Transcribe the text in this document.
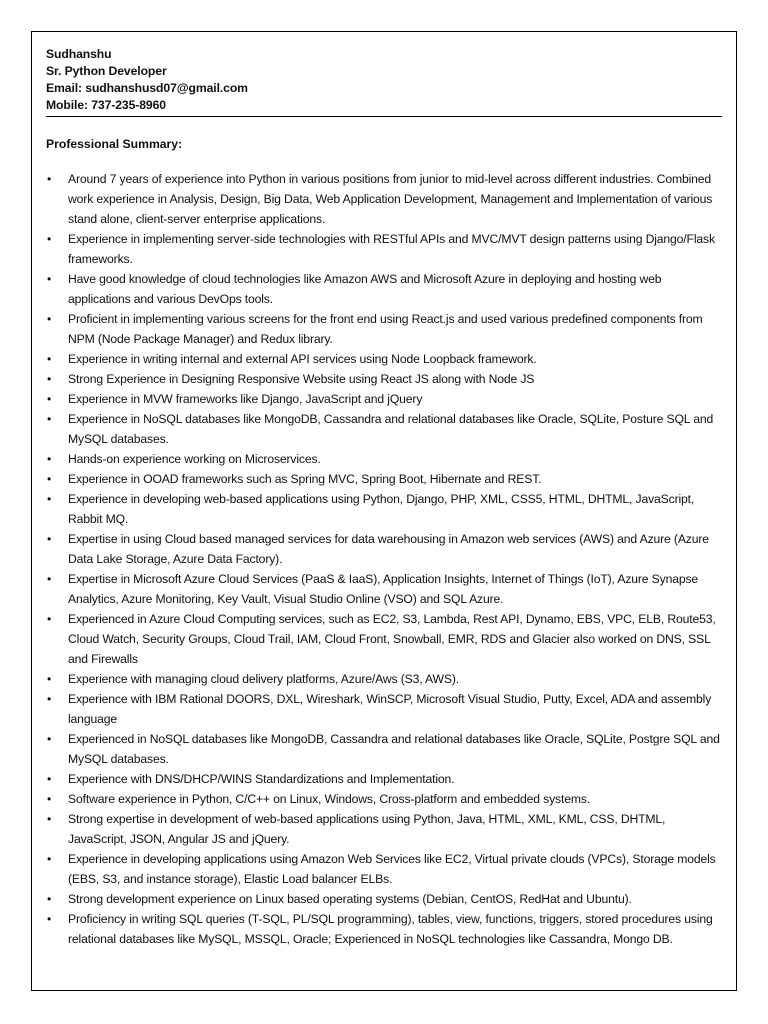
Sudhanshu
Sr. Python Developer
Email: sudhanshusd07@gmail.com
Mobile: 737-235-8960
Professional Summary:
• Around 7 years of experience into Python in various positions from junior to mid-level across different industries. Combined work experience in Analysis, Design, Big Data, Web Application Development, Management and Implementation of various stand alone, client-server enterprise applications.
• Experience in implementing server-side technologies with RESTful APIs and MVC/MVT design patterns using Django/Flask frameworks.
• Have good knowledge of cloud technologies like Amazon AWS and Microsoft Azure in deploying and hosting web applications and various DevOps tools.
• Proficient in implementing various screens for the front end using React.js and used various predefined components from NPM (Node Package Manager) and Redux library.
• Experience in writing internal and external API services using Node Loopback framework.
• Strong Experience in Designing Responsive Website using React JS along with Node JS
• Experience in MVW frameworks like Django, JavaScript and jQuery
• Experience in NoSQL databases like MongoDB, Cassandra and relational databases like Oracle, SQLite, Posture SQL and MySQL databases.
• Hands-on experience working on Microservices.
• Experience in OOAD frameworks such as Spring MVC, Spring Boot, Hibernate and REST.
• Experience in developing web-based applications using Python, Django, PHP, XML, CSS5, HTML, DHTML, JavaScript, Rabbit MQ.
• Expertise in using Cloud based managed services for data warehousing in Amazon web services (AWS) and Azure (Azure Data Lake Storage, Azure Data Factory).
• Expertise in Microsoft Azure Cloud Services (PaaS & IaaS), Application Insights, Internet of Things (IoT), Azure Synapse Analytics, Azure Monitoring, Key Vault, Visual Studio Online (VSO) and SQL Azure.
• Experienced in Azure Cloud Computing services, such as EC2, S3, Lambda, Rest API, Dynamo, EBS, VPC, ELB, Route53, Cloud Watch, Security Groups, Cloud Trail, IAM, Cloud Front, Snowball, EMR, RDS and Glacier also worked on DNS, SSL and Firewalls
• Experience with managing cloud delivery platforms, Azure/Aws (S3, AWS).
• Experience with IBM Rational DOORS, DXL, Wireshark, WinSCP, Microsoft Visual Studio, Putty, Excel, ADA and assembly language
• Experienced in NoSQL databases like MongoDB, Cassandra and relational databases like Oracle, SQLite, Postgre SQL and MySQL databases.
• Experience with DNS/DHCP/WINS Standardizations and Implementation.
• Software experience in Python, C/C++ on Linux, Windows, Cross-platform and embedded systems.
• Strong expertise in development of web-based applications using Python, Java, HTML, XML, KML, CSS, DHTML, JavaScript, JSON, Angular JS and jQuery.
• Experience in developing applications using Amazon Web Services like EC2, Virtual private clouds (VPCs), Storage models (EBS, S3, and instance storage), Elastic Load balancer ELBs.
• Strong development experience on Linux based operating systems (Debian, CentOS, RedHat and Ubuntu).
• Proficiency in writing SQL queries (T-SQL, PL/SQL programming), tables, view, functions, triggers, stored procedures using relational databases like MySQL, MSSQL, Oracle; Experienced in NoSQL technologies like Cassandra, Mongo DB.
